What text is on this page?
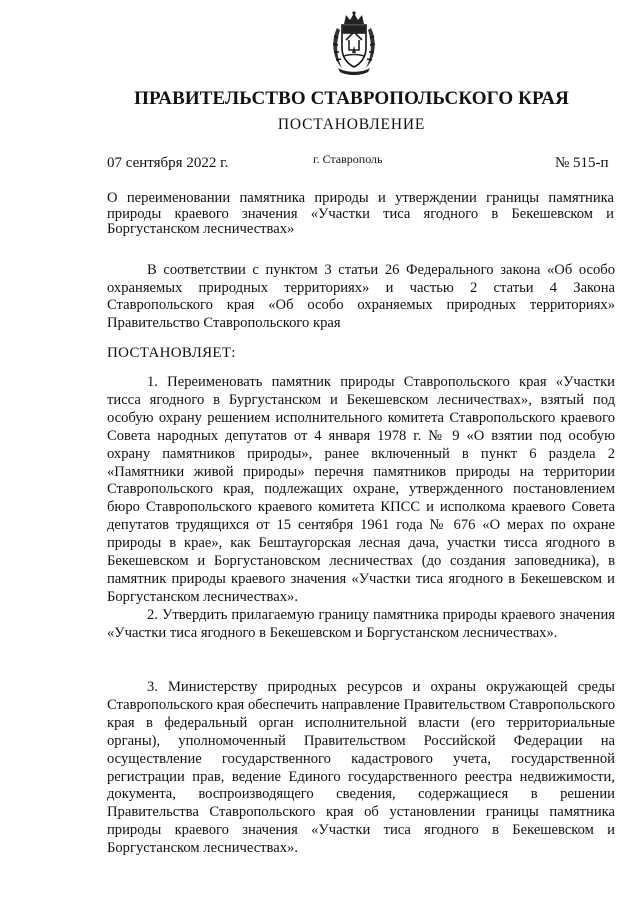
ПРАВИТЕЛЬСТВО СТАВРОПОЛЬСКОГО КРАЯ
ПОСТАНОВЛЕНИЕ
07 сентября 2022 г.	г. Ставрополь	№ 515-п
О переименовании памятника природы и утверждении границы памятника природы краевого значения «Участки тиса ягодного в Бекешевском и Боргустанском лесничествах»
В соответствии с пунктом 3 статьи 26 Федерального закона «Об особо охраняемых природных территориях» и частью 2 статьи 4 Закона Ставропольского края «Об особо охраняемых природных территориях» Правительство Ставропольского края
ПОСТАНОВЛЯЕТ:
1. Переименовать памятник природы Ставропольского края «Участки тисса ягодного в Бургустанском и Бекешевском лесничествах», взятый под особую охрану решением исполнительного комитета Ставропольского краевого Совета народных депутатов от 4 января 1978 г. № 9 «О взятии под особую охрану памятников природы», ранее включенный в пункт 6 раздела 2 «Памятники живой природы» перечня памятников природы на территории Ставропольского края, подлежащих охране, утвержденного постановлением бюро Ставропольского краевого комитета КПСС и исполкома краевого Совета депутатов трудящихся от 15 сентября 1961 года № 676 «О мерах по охране природы в крае», как Бештаугорская лесная дача, участки тисса ягодного в Бекешевском и Боргустановском лесничествах (до создания заповедника), в памятник природы краевого значения «Участки тиса ягодного в Бекешевском и Боргустанском лесничествах».
2. Утвердить прилагаемую границу памятника природы краевого значения «Участки тиса ягодного в Бекешевском и Боргустанском лесничествах».
3. Министерству природных ресурсов и охраны окружающей среды Ставропольского края обеспечить направление Правительством Ставропольского края в федеральный орган исполнительной власти (его территориальные органы), уполномоченный Правительством Российской Федерации на осуществление государственного кадастрового учета, государственной регистрации прав, ведение Единого государственного реестра недвижимости, документа, воспроизводящего сведения, содержащиеся в решении Правительства Ставропольского края об установлении границы памятника природы краевого значения «Участки тиса ягодного в Бекешевском и Боргустанском лесничествах».
